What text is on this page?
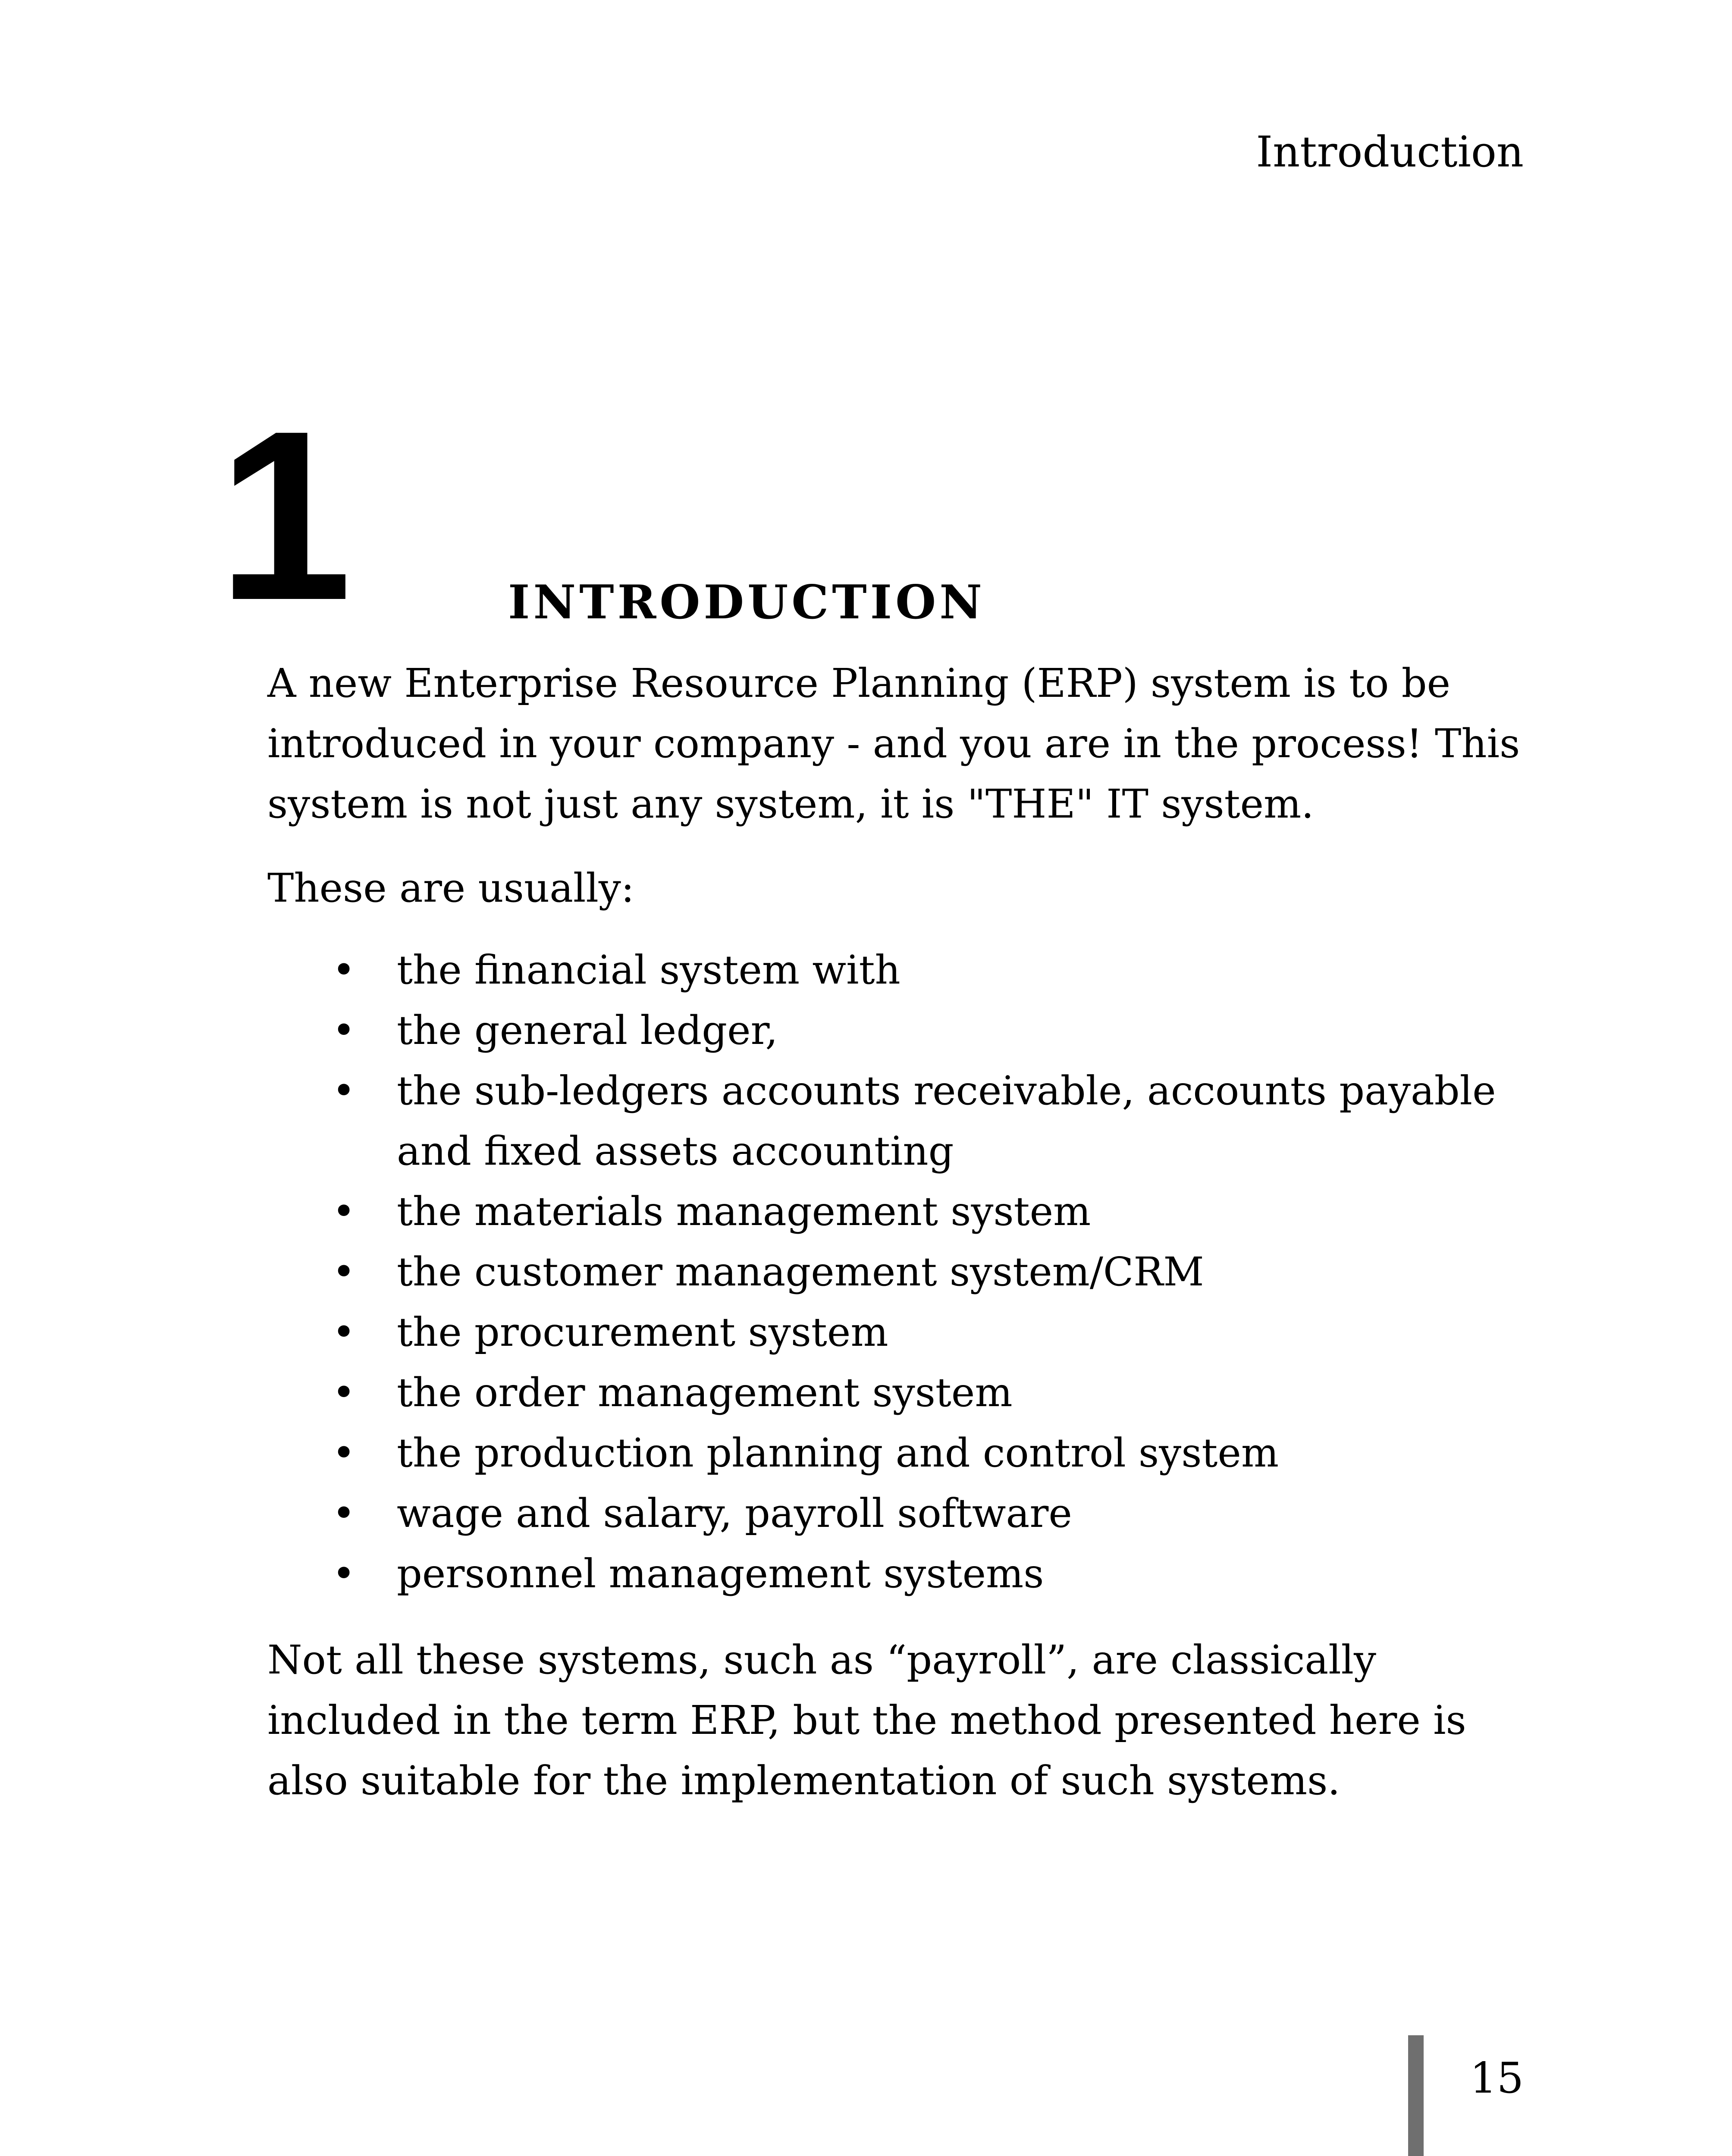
Introduction
1	INTRODUCTION

A new Enterprise Resource Planning (ERP) system is to be introduced in your company - and you are in the process! This system is not just any system, it is "THE" IT system.

These are usually:

• the financial system with
• the general ledger,
• the sub-ledgers accounts receivable, accounts payable and fixed assets accounting
• the materials management system
• the customer management system/CRM
• the procurement system
• the order management system
• the production planning and control system
• wage and salary, payroll software
• personnel management systems

Not all these systems, such as “payroll”, are classically included in the term ERP, but the method presented here is also suitable for the implementation of such systems.

15
